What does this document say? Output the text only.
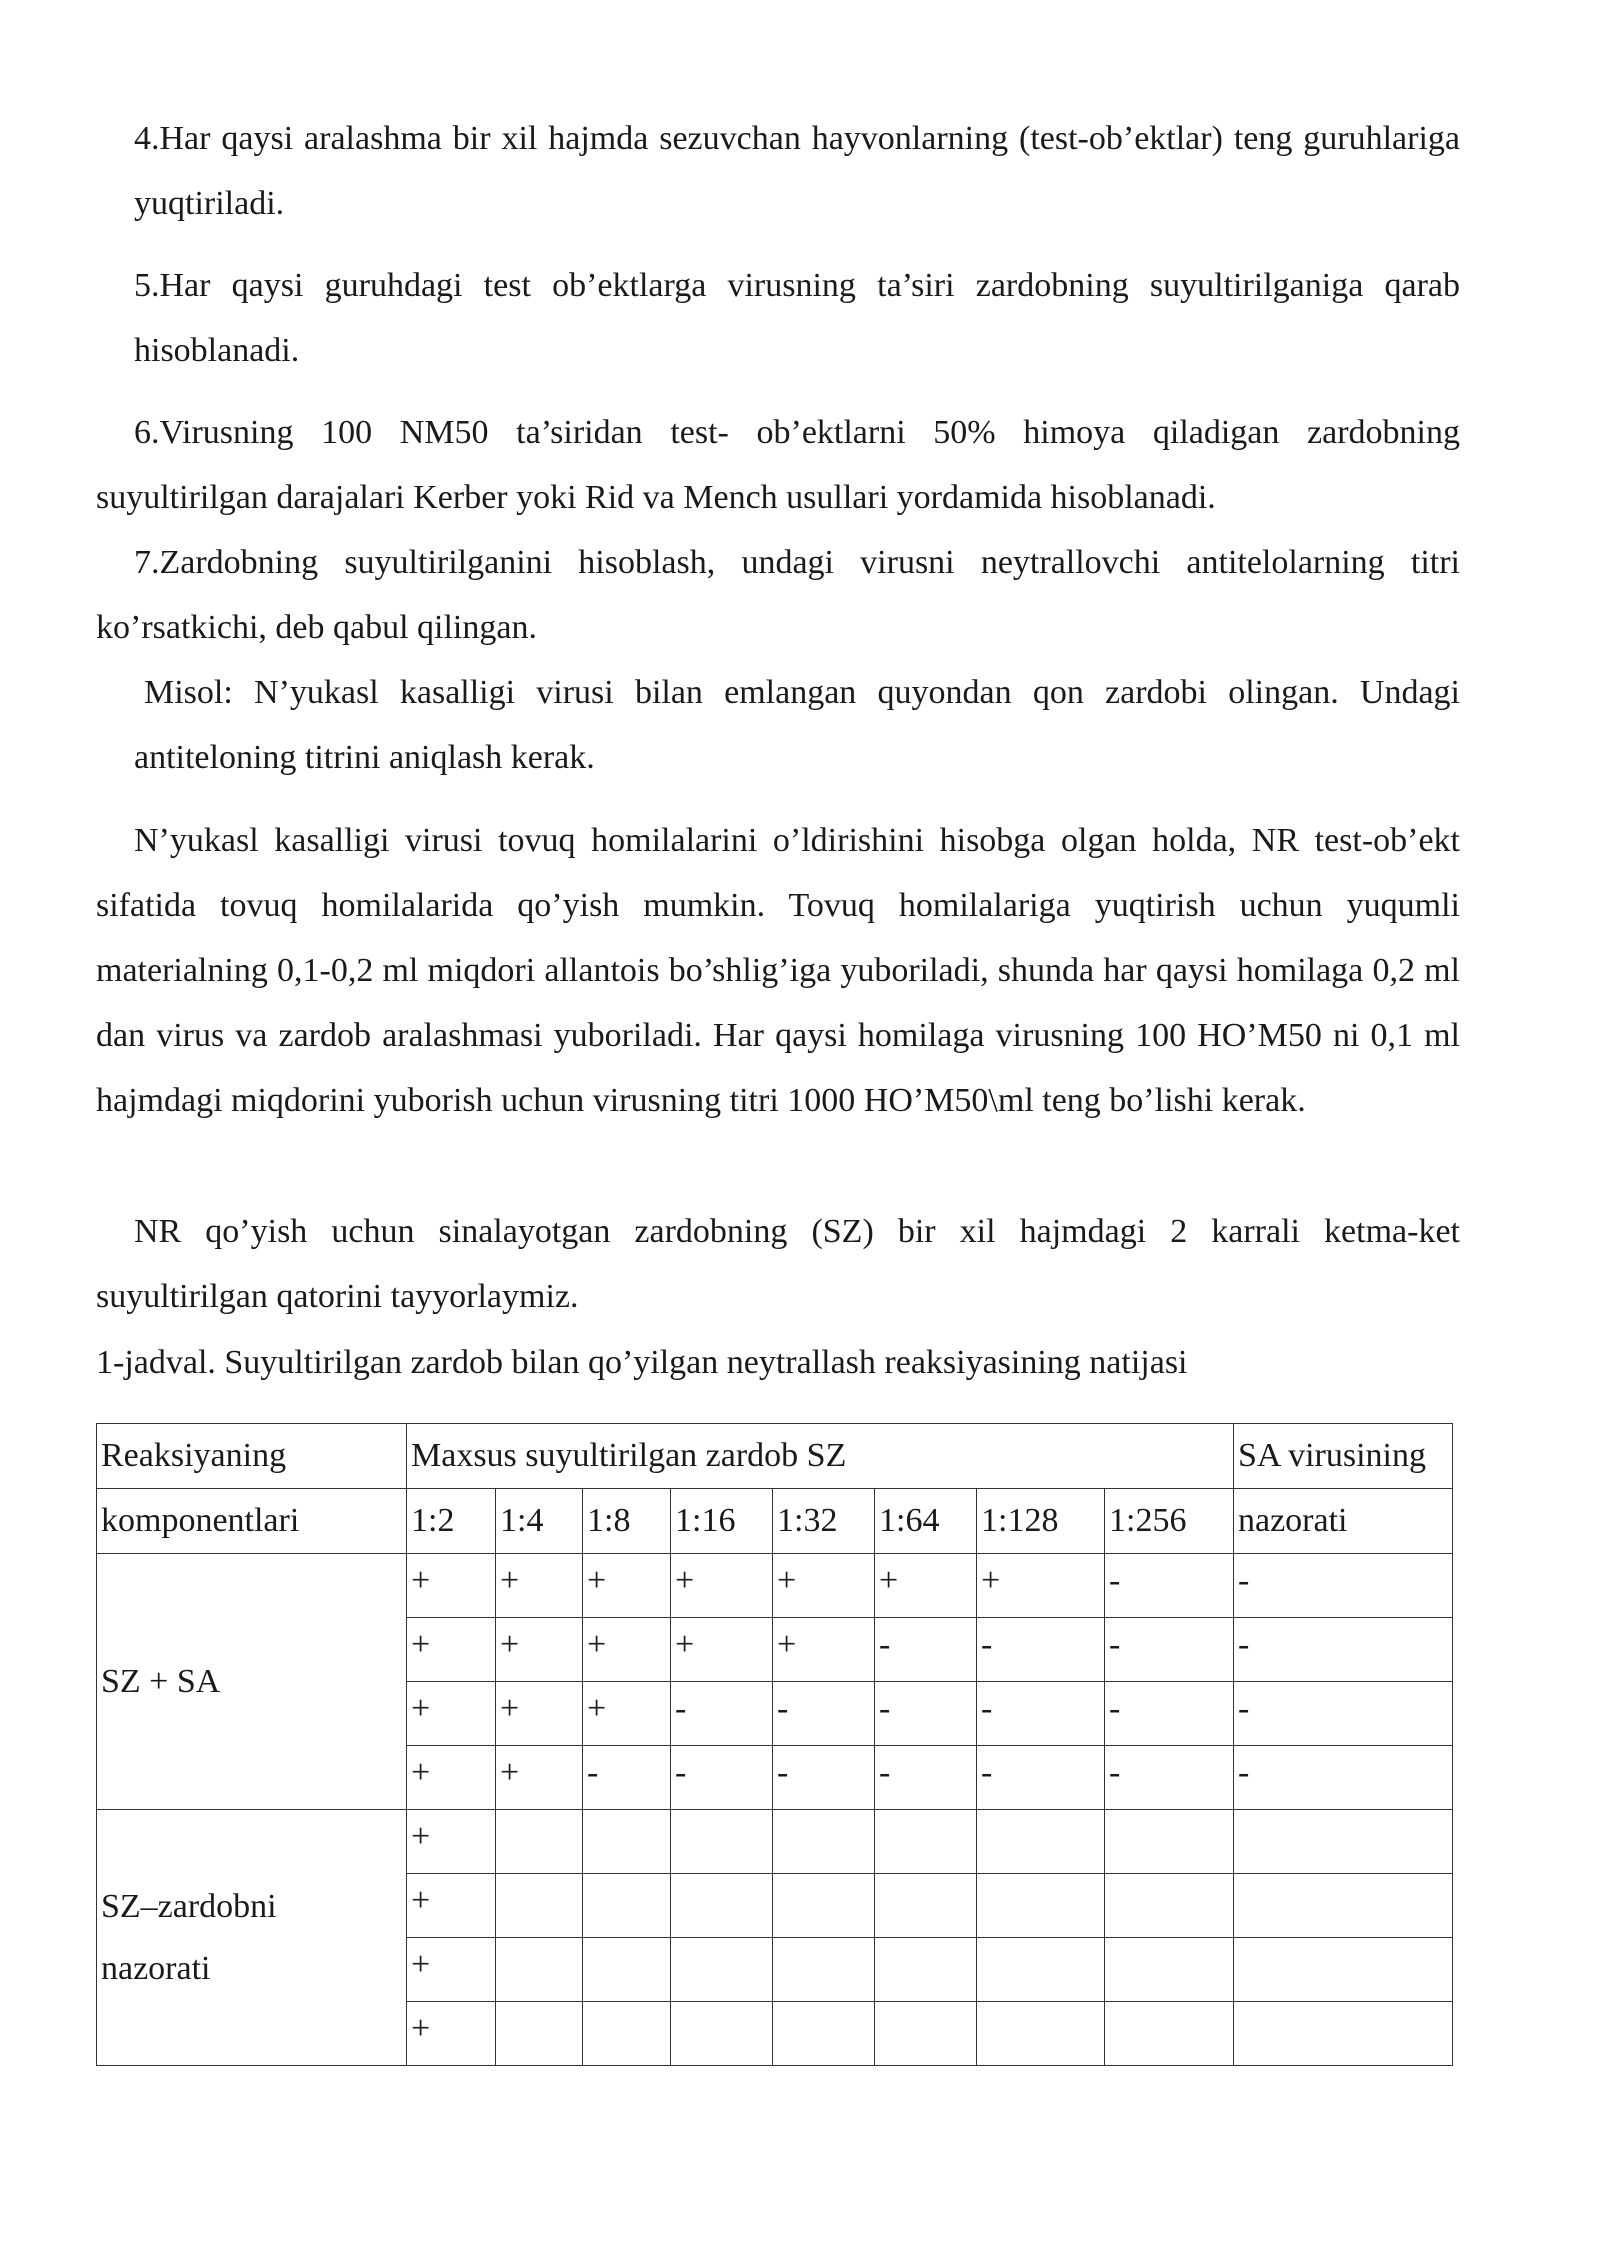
4.Har qaysi aralashma bir xil hajmda sezuvchan hayvonlarning (test-ob’ektlar) teng guruhlariga yuqtiriladi.

5.Har qaysi guruhdagi test ob’ektlarga virusning ta’siri zardobning suyultirilganiga qarab hisoblanadi.

6.Virusning 100 NM50 ta’siridan test- ob’ektlarni 50% himoya qiladigan zardobning suyultirilgan darajalari Kerber yoki Rid va Mench usullari yordamida hisoblanadi.

7.Zardobning suyultirilganini hisoblash, undagi virusni neytrallovchi antitelolarning titri ko’rsatkichi, deb qabul qilingan.

Misol: N’yukasl kasalligi virusi bilan emlangan quyondan qon zardobi olingan. Undagi antiteloning titrini aniqlash kerak.

N’yukasl kasalligi virusi tovuq homilalarini o’ldirishini hisobga olgan holda, NR test-ob’ekt sifatida tovuq homilalarida qo’yish mumkin. Tovuq homilalariga yuqtirish uchun yuqumli materialning 0,1-0,2 ml miqdori allantois bo’shlig’iga yuboriladi, shunda har qaysi homilaga 0,2 ml dan virus va zardob aralashmasi yuboriladi. Har qaysi homilaga virusning 100 HO’M50 ni 0,1 ml hajmdagi miqdorini yuborish uchun virusning titri 1000 HO’M50\ml teng bo’lishi kerak.

NR qo’yish uchun sinalayotgan zardobning (SZ) bir xil hajmdagi 2 karrali ketma-ket suyultirilgan qatorini tayyorlaymiz.

1-jadval. Suyultirilgan zardob bilan qo’yilgan neytrallash reaksiyasining natijasi

Reaksiyaning	Maxsus suyultirilgan zardob SZ								SA virusining
komponentlari	1:2	1:4	1:8	1:16	1:32	1:64	1:128	1:256	nazorati
SZ + SA	+	+	+	+	+	+	+	-	-
	+	+	+	+	+	-	-	-	-
	+	+	+	-	-	-	-	-	-
	+	+	-	-	-	-	-	-	-

SZ–zardobni
nazorati	+								
	+								
	+								
	+								
